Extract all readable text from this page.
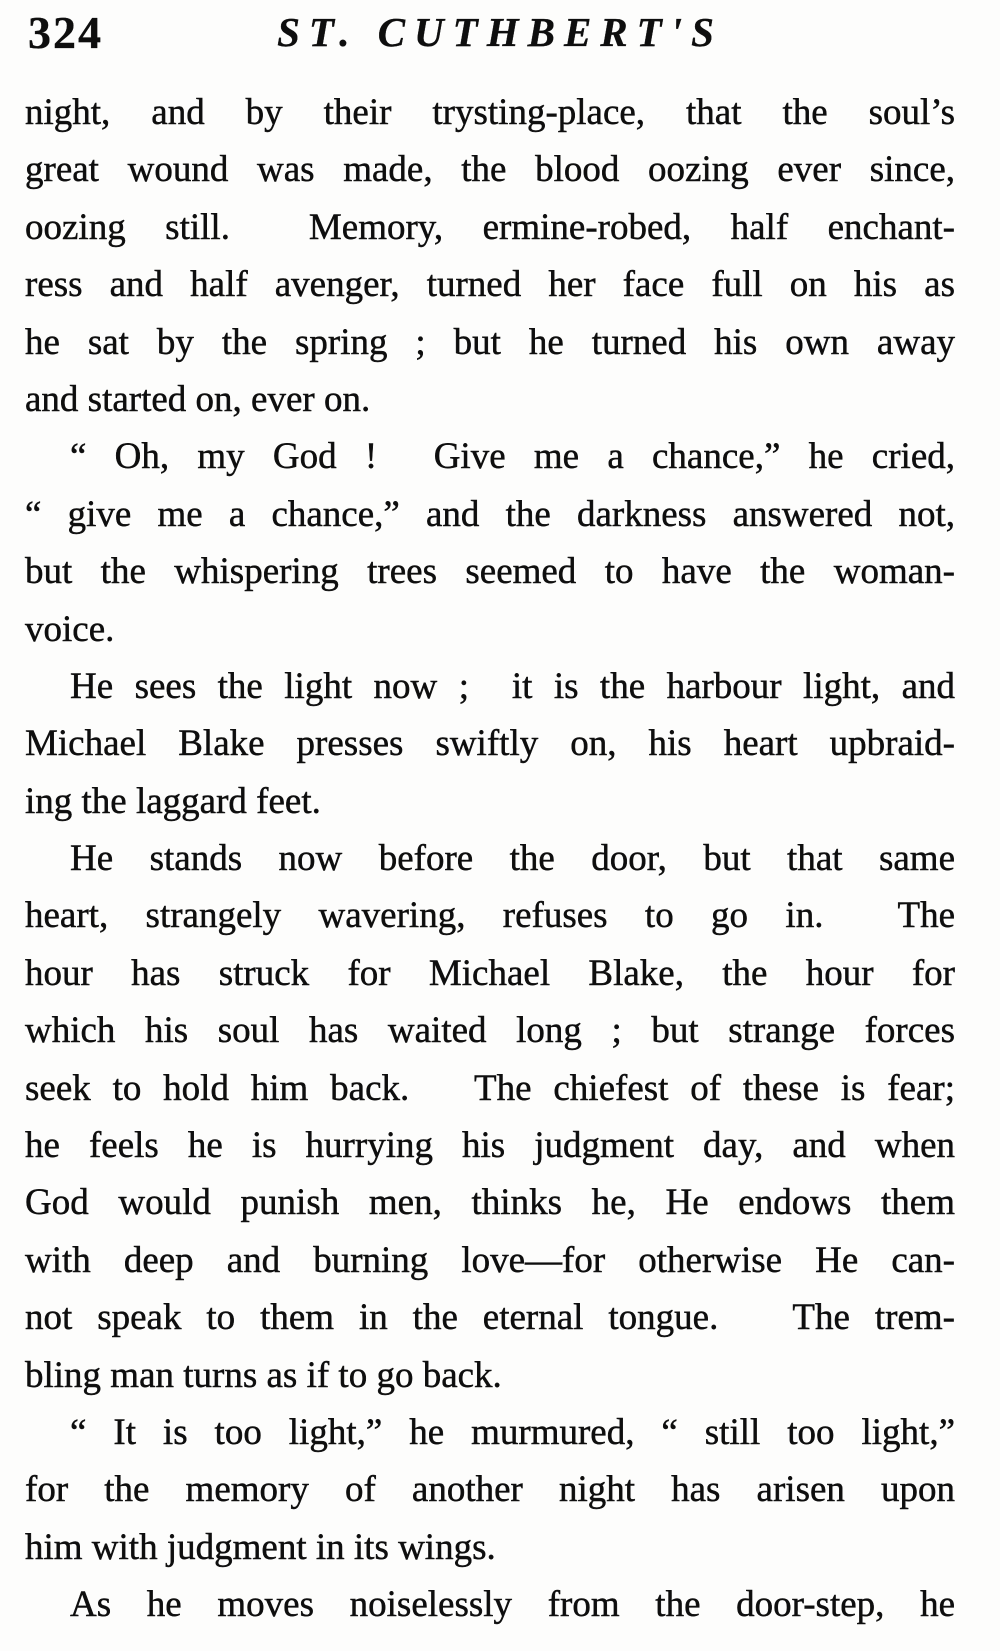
324	ST. CUTHBERT'S
night, and by their trysting-place, that the soul’s
great wound was made, the blood oozing ever since,
oozing still.  Memory, ermine-robed, half enchant-
ress and half avenger, turned her face full on his as
he sat by the spring ; but he turned his own away
and started on, ever on.
“ Oh, my God !  Give me a chance,” he cried,
“ give me a chance,” and the darkness answered not,
but the whispering trees seemed to have the woman-
voice.
He sees the light now ;  it is the harbour light, and
Michael Blake presses swiftly on, his heart upbraid-
ing the laggard feet.
He stands now before the door, but that same
heart, strangely wavering, refuses to go in.  The
hour has struck for Michael Blake, the hour for
which his soul has waited long ; but strange forces
seek to hold him back.   The chiefest of these is fear;
he feels he is hurrying his judgment day, and when
God would punish men, thinks he, He endows them
with deep and burning love—for otherwise He can-
not speak to them in the eternal tongue.   The trem-
bling man turns as if to go back.
“ It is too light,” he murmured, “ still too light,”
for the memory of another night has arisen upon
him with judgment in its wings.
As he moves noiselessly from the door-step, he
